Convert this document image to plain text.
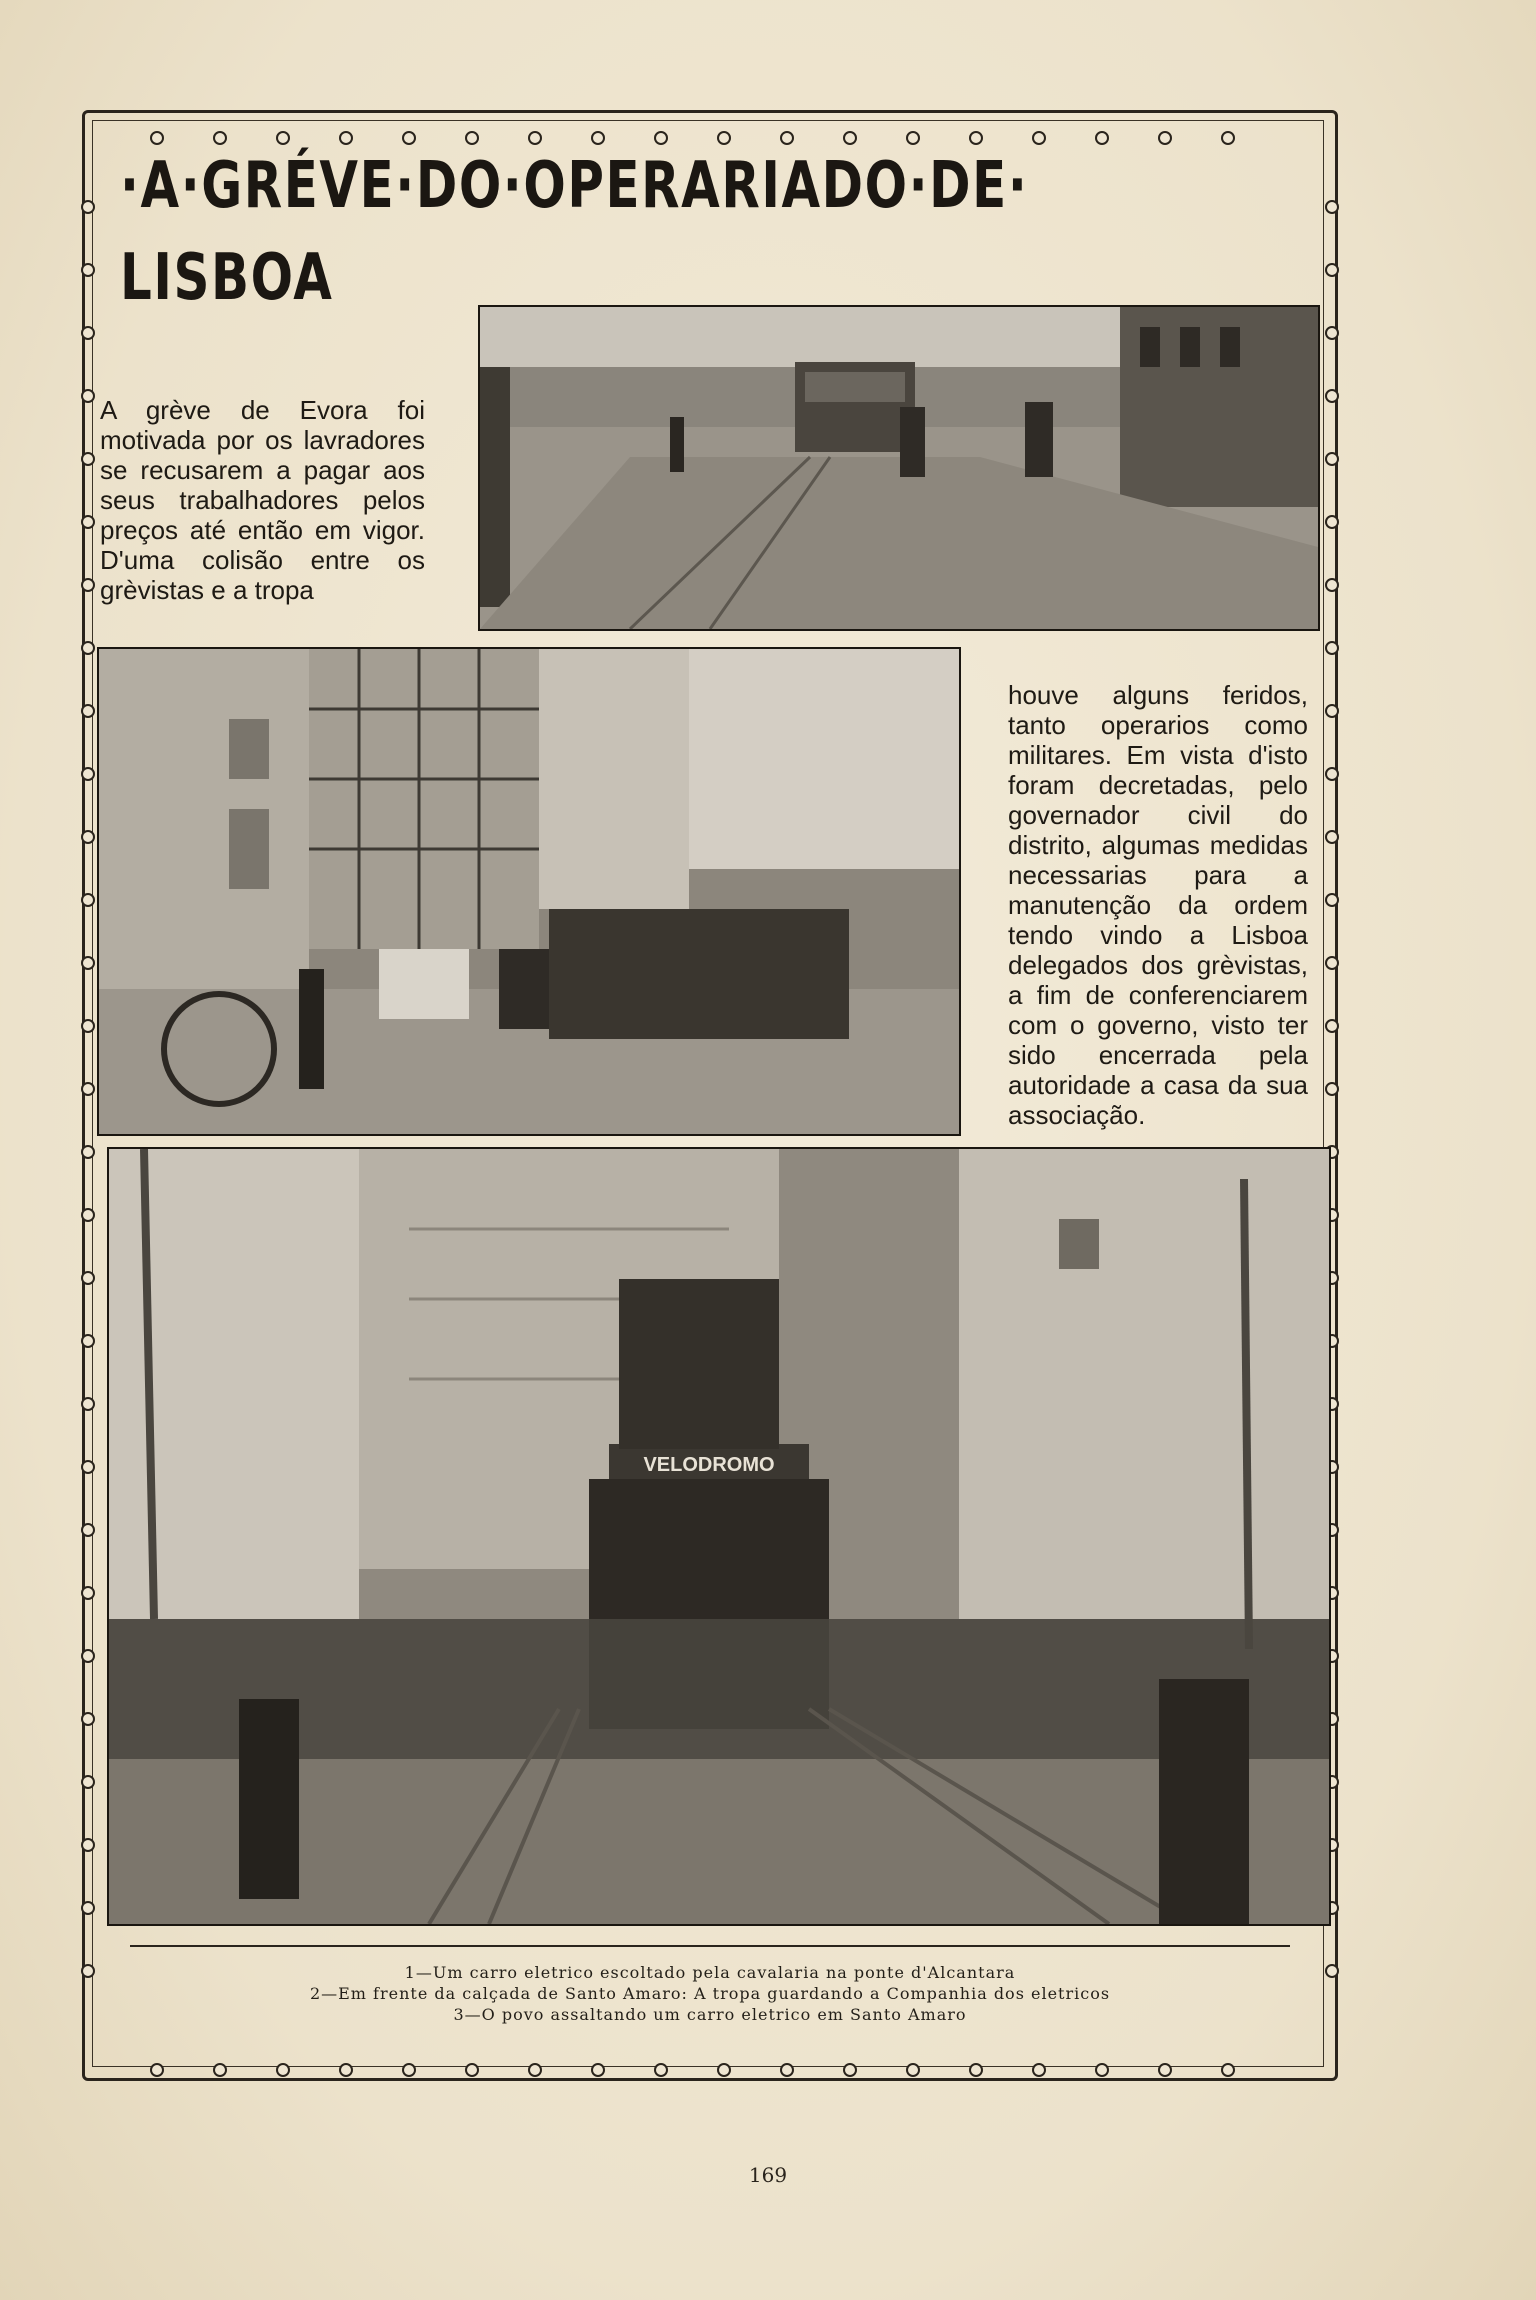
·A·GRÉVE·DO·OPERARIADO·DE· LISBOA
A grève de Evora foi motivada por os lavradores se recusarem a pagar aos seus trabalhadores pelos preços até então em vigor. D'uma colisão entre os grèvistas e a tropa
houve alguns feridos, tanto operarios como militares. Em vista d'isto foram decretadas, pelo governador civil do distrito, algumas medidas necessarias para a manutenção da ordem tendo vindo a Lisboa delegados dos grèvistas, a fim de conferenciarem com o governo, visto ter sido encerrada pela autoridade a casa da sua associação.
VELODROMO
1—Um carro eletrico escoltado pela cavalaria na ponte d'Alcantara
2—Em frente da calçada de Santo Amaro: A tropa guardando a Companhia dos eletricos
3—O povo assaltando um carro eletrico em Santo Amaro
169
